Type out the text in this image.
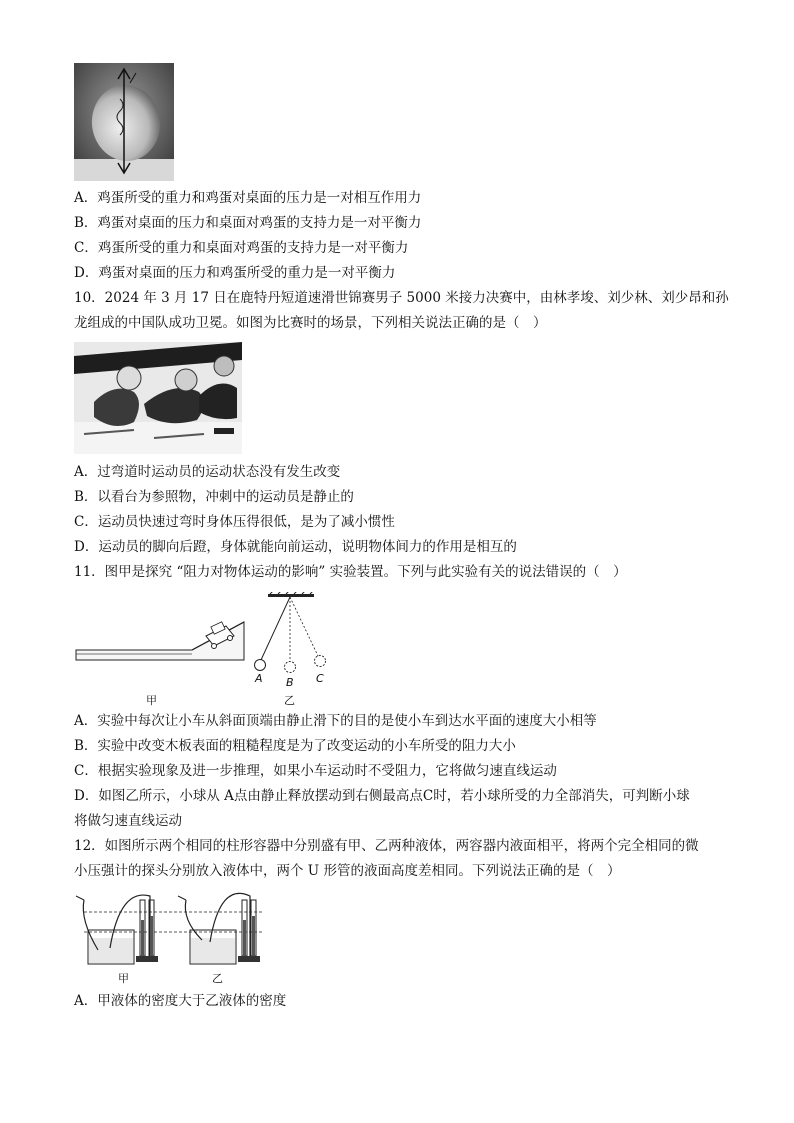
A．鸡蛋所受的重力和鸡蛋对桌面的压力是一对相互作用力
B．鸡蛋对桌面的压力和桌面对鸡蛋的支持力是一对平衡力
C．鸡蛋所受的重力和桌面对鸡蛋的支持力是一对平衡力
D．鸡蛋对桌面的压力和鸡蛋所受的重力是一对平衡力
10．2024 年 3 月 17 日在鹿特丹短道速滑世锦赛男子 5000 米接力决赛中，由林孝埈、刘少林、刘少昂和孙
龙组成的中国队成功卫冕。如图为比赛时的场景，下列相关说法正确的是（　）
A．过弯道时运动员的运动状态没有发生改变
B．以看台为参照物，冲刺中的运动员是静止的
C．运动员快速过弯时身体压得很低，是为了减小惯性
D．运动员的脚向后蹬，身体就能向前运动，说明物体间力的作用是相互的
11．图甲是探究 “阻力对物体运动的影响” 实验装置。下列与此实验有关的说法错误的（　）
甲
A B C
乙
A．实验中每次让小车从斜面顶端由静止滑下的目的是使小车到达水平面的速度大小相等
B．实验中改变木板表面的粗糙程度是为了改变运动的小车所受的阻力大小
C．根据实验现象及进一步推理，如果小车运动时不受阻力，它将做匀速直线运动
D．如图乙所示，小球从 A点由静止释放摆动到右侧最高点C时，若小球所受的力全部消失，可判断小球
将做匀速直线运动
12．如图所示两个相同的柱形容器中分别盛有甲、乙两种液体，两容器内液面相平，将两个完全相同的微
小压强计的探头分别放入液体中，两个 U 形管的液面高度差相同。下列说法正确的是（　）
甲	乙
A．甲液体的密度大于乙液体的密度
